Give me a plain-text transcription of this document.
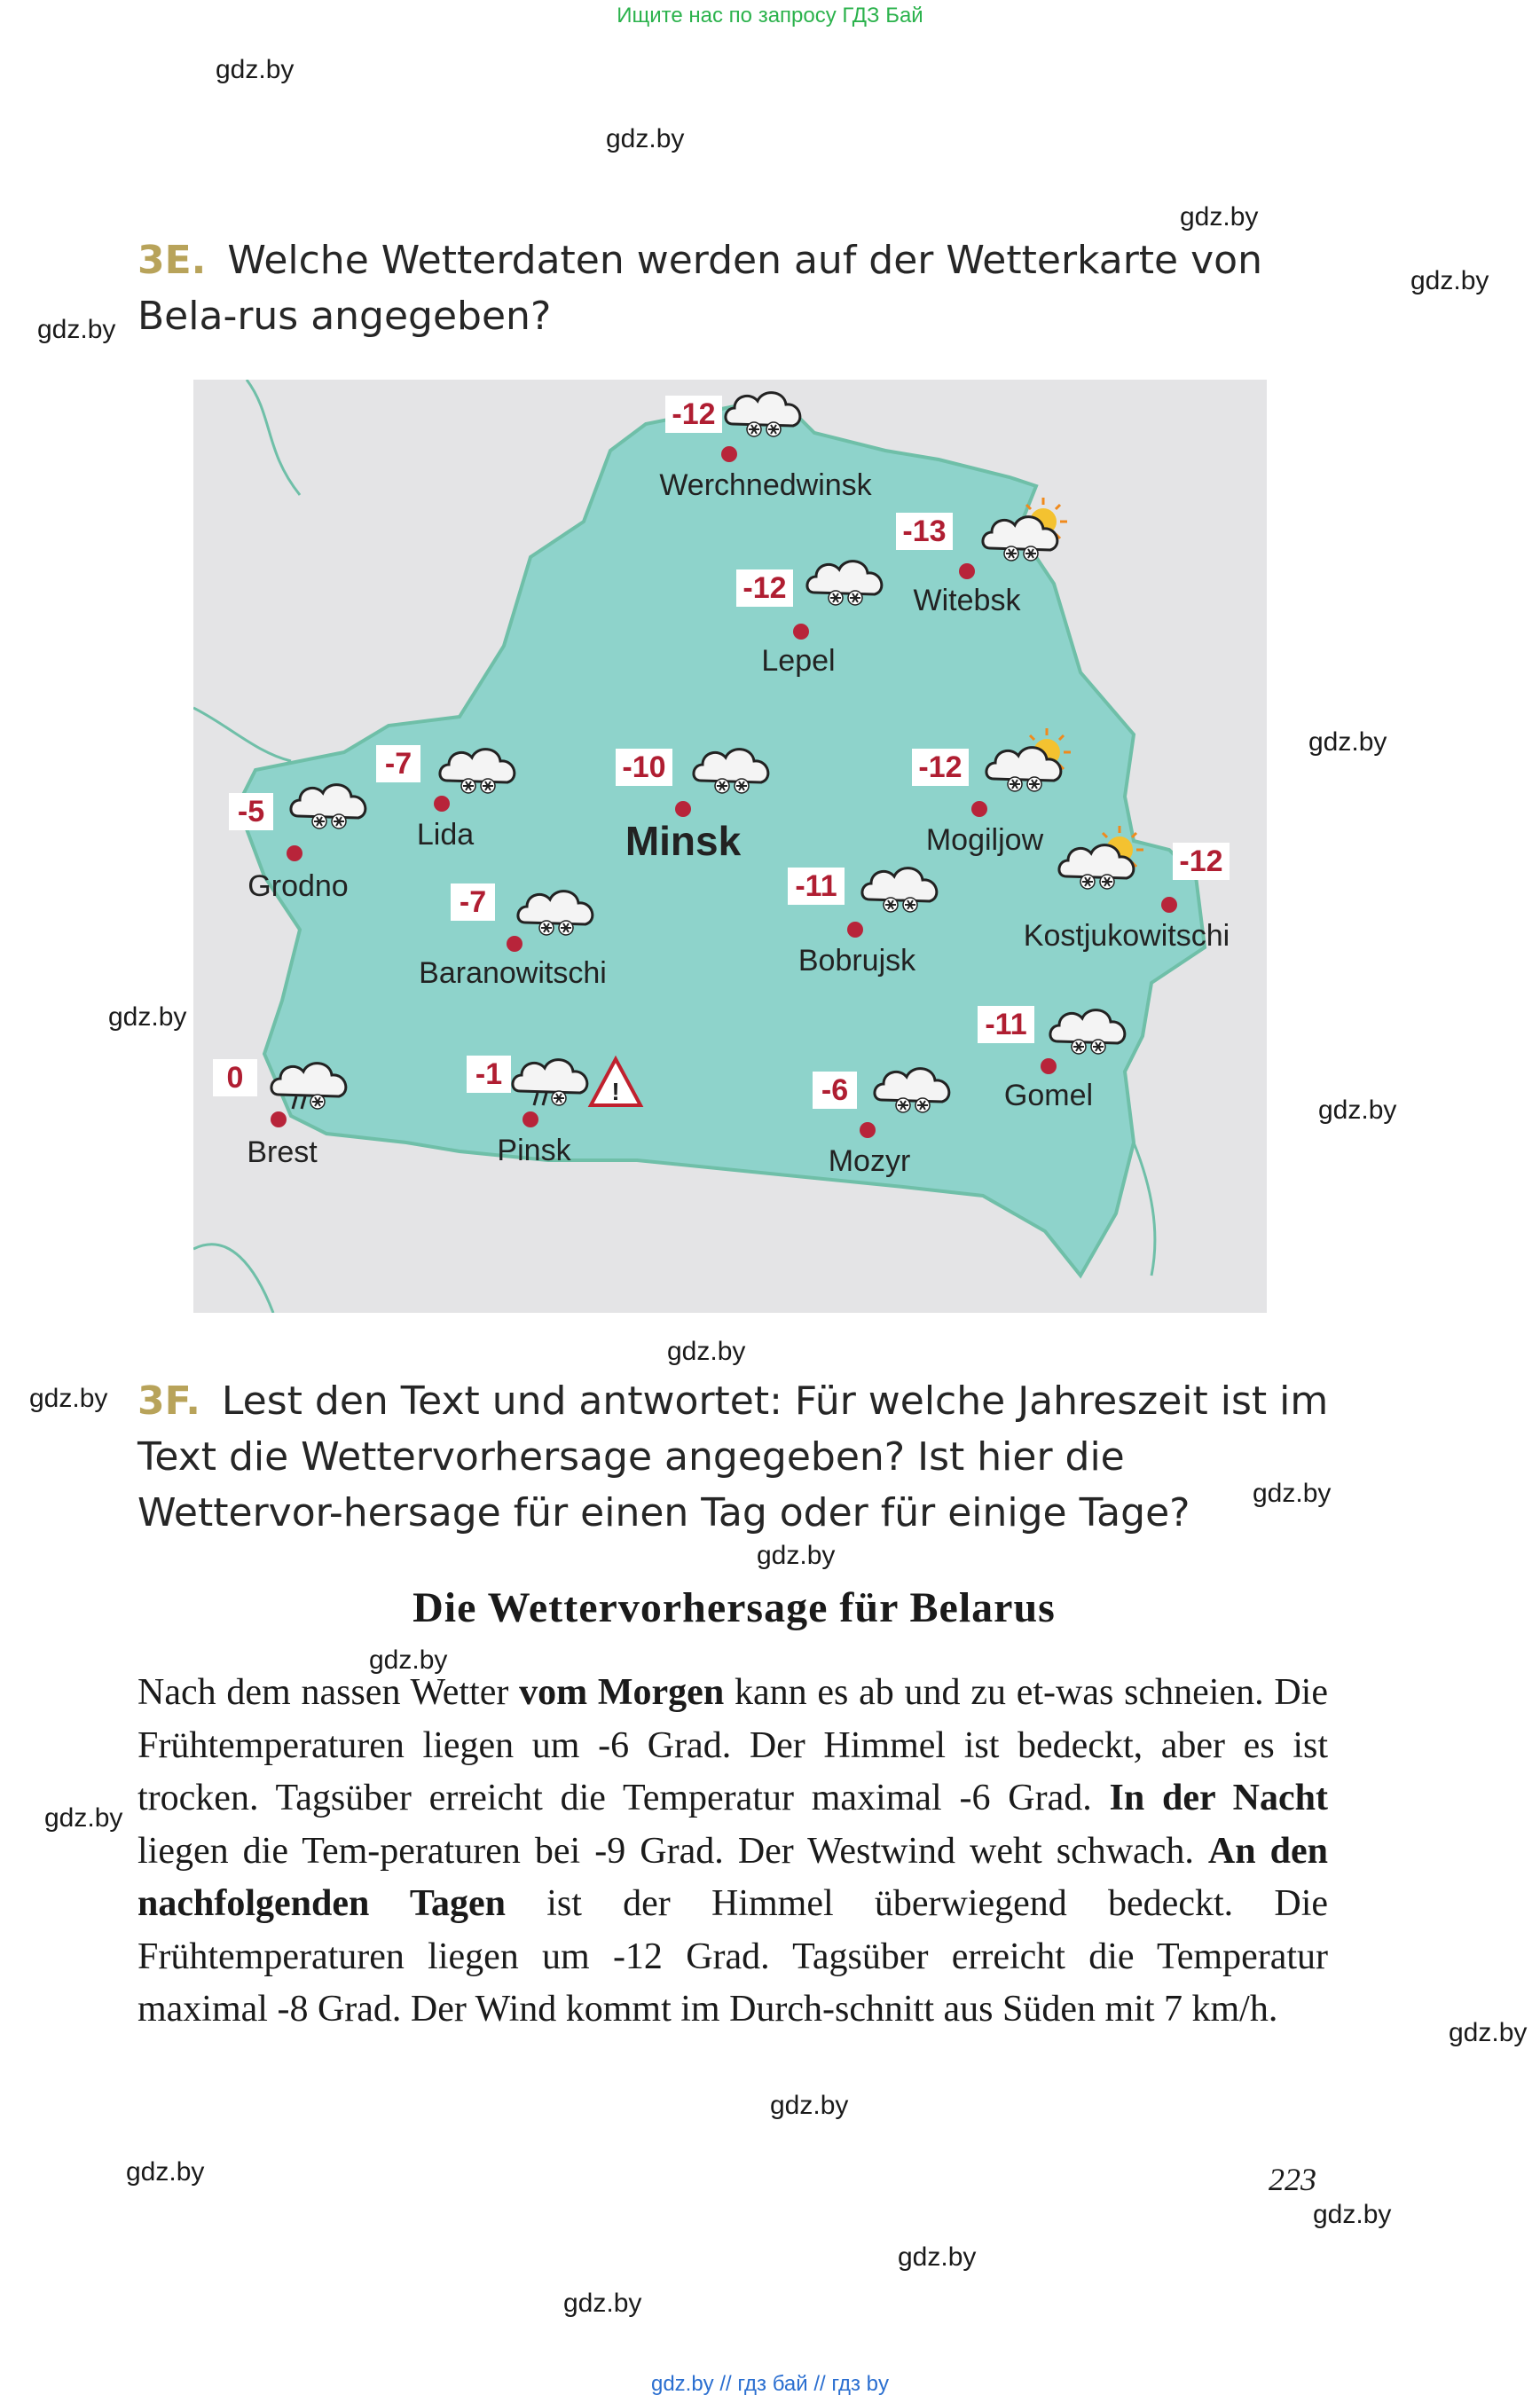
Ищите нас по запросу ГДЗ Бай
gdz.by // гдз бай // гдз by
gdz.by
gdz.by
gdz.by
gdz.by
gdz.by
gdz.by
gdz.by
gdz.by
gdz.by
gdz.by
gdz.by
gdz.by
gdz.by
gdz.by
gdz.by
gdz.by
gdz.by
gdz.by
gdz.by
gdz.by
3E. Welche Wetterdaten werden auf der Wetterkarte von Bela-rus angegeben?
-12
Werchnedwinsk
-13
Witebsk
-12
Lepel
-7
Lida
-5
Grodno
-10
Minsk
-12
Mogiljow
-12
Kostjukowitschi
-7
Baranowitschi
-11
Bobrujsk
-11
Gomel
0
Brest
-1
!
Pinsk
-6
Mozyr
3F. Lest den Text und antwortet: Für welche Jahreszeit ist im Text die Wettervorhersage angegeben? Ist hier die Wettervor-hersage für einen Tag oder für einige Tage?
Die Wettervorhersage für Belarus
Nach dem nassen Wetter vom Morgen kann es ab und zu et-was schneien. Die Frühtemperaturen liegen um -6 Grad. Der Himmel ist bedeckt, aber es ist trocken. Tagsüber erreicht die Temperatur maximal -6 Grad. In der Nacht liegen die Tem-peraturen bei -9 Grad. Der Westwind weht schwach. An den nachfolgenden Tagen ist der Himmel überwiegend bedeckt. Die Frühtemperaturen liegen um -12 Grad. Tagsüber erreicht die Temperatur maximal -8 Grad. Der Wind kommt im Durch-schnitt aus Süden mit 7 km/h.
223
